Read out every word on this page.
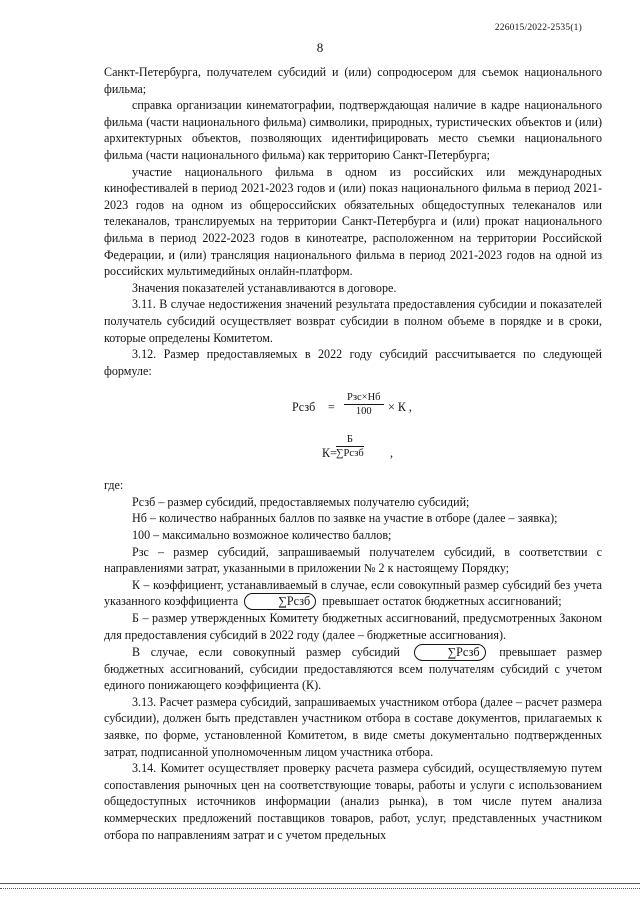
226015/2022-2535(1)
8

Санкт-Петербурга, получателем субсидий и (или) сопродюсером для съемок национального фильма;

справка организации кинематографии, подтверждающая наличие в кадре национального фильма (части национального фильма) символики, природных, туристических объектов и (или) архитектурных объектов, позволяющих идентифицировать место съемки национального фильма (части национального фильма) как территорию Санкт-Петербурга;

участие национального фильма в одном из российских или международных кинофестивалей в период 2021-2023 годов и (или) показ национального фильма в период 2021-2023 годов на одном из общероссийских обязательных общедоступных телеканалов или телеканалов, транслируемых на территории Санкт-Петербурга и (или) прокат национального фильма в период 2022-2023 годов в кинотеатре, расположенном на территории Российской Федерации, и (или) трансляция национального фильма в период 2021-2023 годов на одной из российских мультимедийных онлайн-платформ.

Значения показателей устанавливаются в договоре.

3.11. В случае недостижения значений результата предоставления субсидии и показателей получатель субсидий осуществляет возврат субсидии в полном объеме в порядке и в сроки, которые определены Комитетом.

3.12. Размер предоставляемых в 2022 году субсидий рассчитывается по следующей формуле:

Рсзб =
Рзс×Нб
100	× К ,
К=
Б
∑Рсзб ,

где:

Рсзб – размер субсидий, предоставляемых получателю субсидий;

Нб – количество набранных баллов по заявке на участие в отборе (далее – заявка);

100 – максимально возможное количество баллов;

Рзс – размер субсидий, запрашиваемый получателем субсидий, в соответствии с направлениями затрат, указанными в приложении № 2 к настоящему Порядку;

К – коэффициент, устанавливаемый в случае, если совокупный размер субсидий без учета указанного коэффициента	∑Рсзб превышает остаток бюджетных ассигнований;

Б – размер утвержденных Комитету бюджетных ассигнований, предусмотренных Законом для предоставления субсидий в 2022 году (далее – бюджетные ассигнования).

В случае, если совокупный размер субсидий	∑Рсзб превышает размер бюджетных ассигнований, субсидии предоставляются всем получателям субсидий с учетом единого понижающего коэффициента (К).

3.13. Расчет размера субсидий, запрашиваемых участником отбора (далее – расчет размера субсидии), должен быть представлен участником отбора в составе документов, прилагаемых к заявке, по форме, установленной Комитетом, в виде сметы документально подтвержденных затрат, подписанной уполномоченным лицом участника отбора.

3.14. Комитет осуществляет проверку расчета размера субсидий, осуществляемую путем сопоставления рыночных цен на соответствующие товары, работы и услуги с использованием общедоступных источников информации (анализ рынка), в том числе путем анализа коммерческих предложений поставщиков товаров, работ, услуг, представленных участником отбора по направлениям затрат и с учетом предельных
